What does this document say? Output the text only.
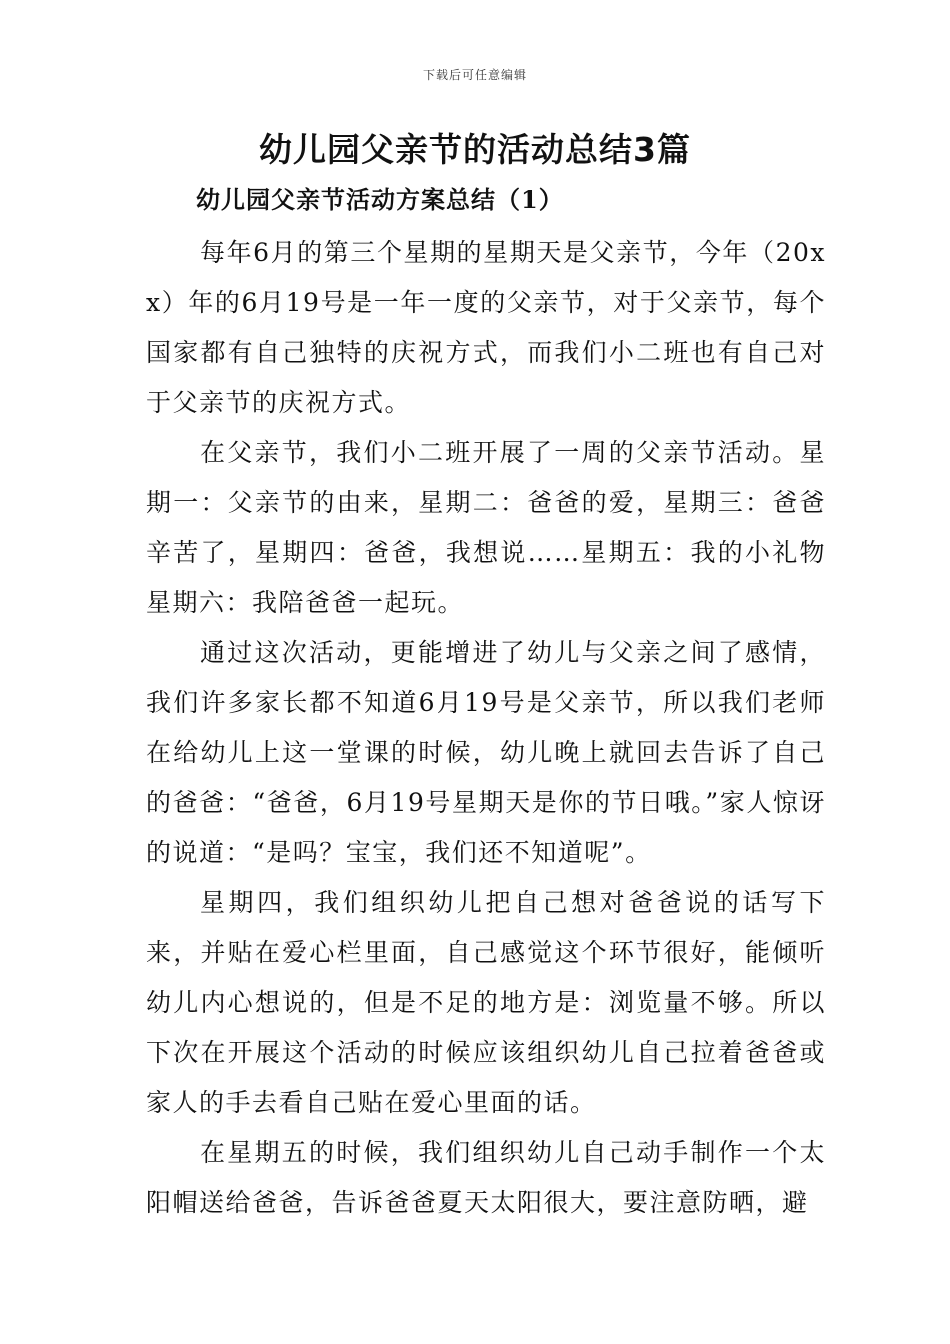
下载后可任意编辑
幼儿园父亲节的活动总结3篇
幼儿园父亲节活动方案总结（1）

每年6月的第三个星期的星期天是父亲节，今年（20xx）年的6月19号是一年一度的父亲节，对于父亲节，每个国家都有自己独特的庆祝方式，而我们小二班也有自己对于父亲节的庆祝方式。

在父亲节，我们小二班开展了一周的父亲节活动。星期一：父亲节的由来，星期二：爸爸的爱，星期三：爸爸辛苦了，星期四：爸爸，我想说……星期五：我的小礼物星期六：我陪爸爸一起玩。

通过这次活动，更能增进了幼儿与父亲之间了感情，我们许多家长都不知道6月19号是父亲节，所以我们老师在给幼儿上这一堂课的时候，幼儿晚上就回去告诉了自己的爸爸：“爸爸，6月19号星期天是你的节日哦。”家人惊讶的说道：“是吗？宝宝，我们还不知道呢”。

星期四，我们组织幼儿把自己想对爸爸说的话写下来，并贴在爱心栏里面，自己感觉这个环节很好，能倾听幼儿内心想说的，但是不足的地方是：浏览量不够。所以下次在开展这个活动的时候应该组织幼儿自己拉着爸爸或家人的手去看自己贴在爱心里面的话。

在星期五的时候，我们组织幼儿自己动手制作一个太阳帽送给爸爸，告诉爸爸夏天太阳很大，要注意防晒，避
